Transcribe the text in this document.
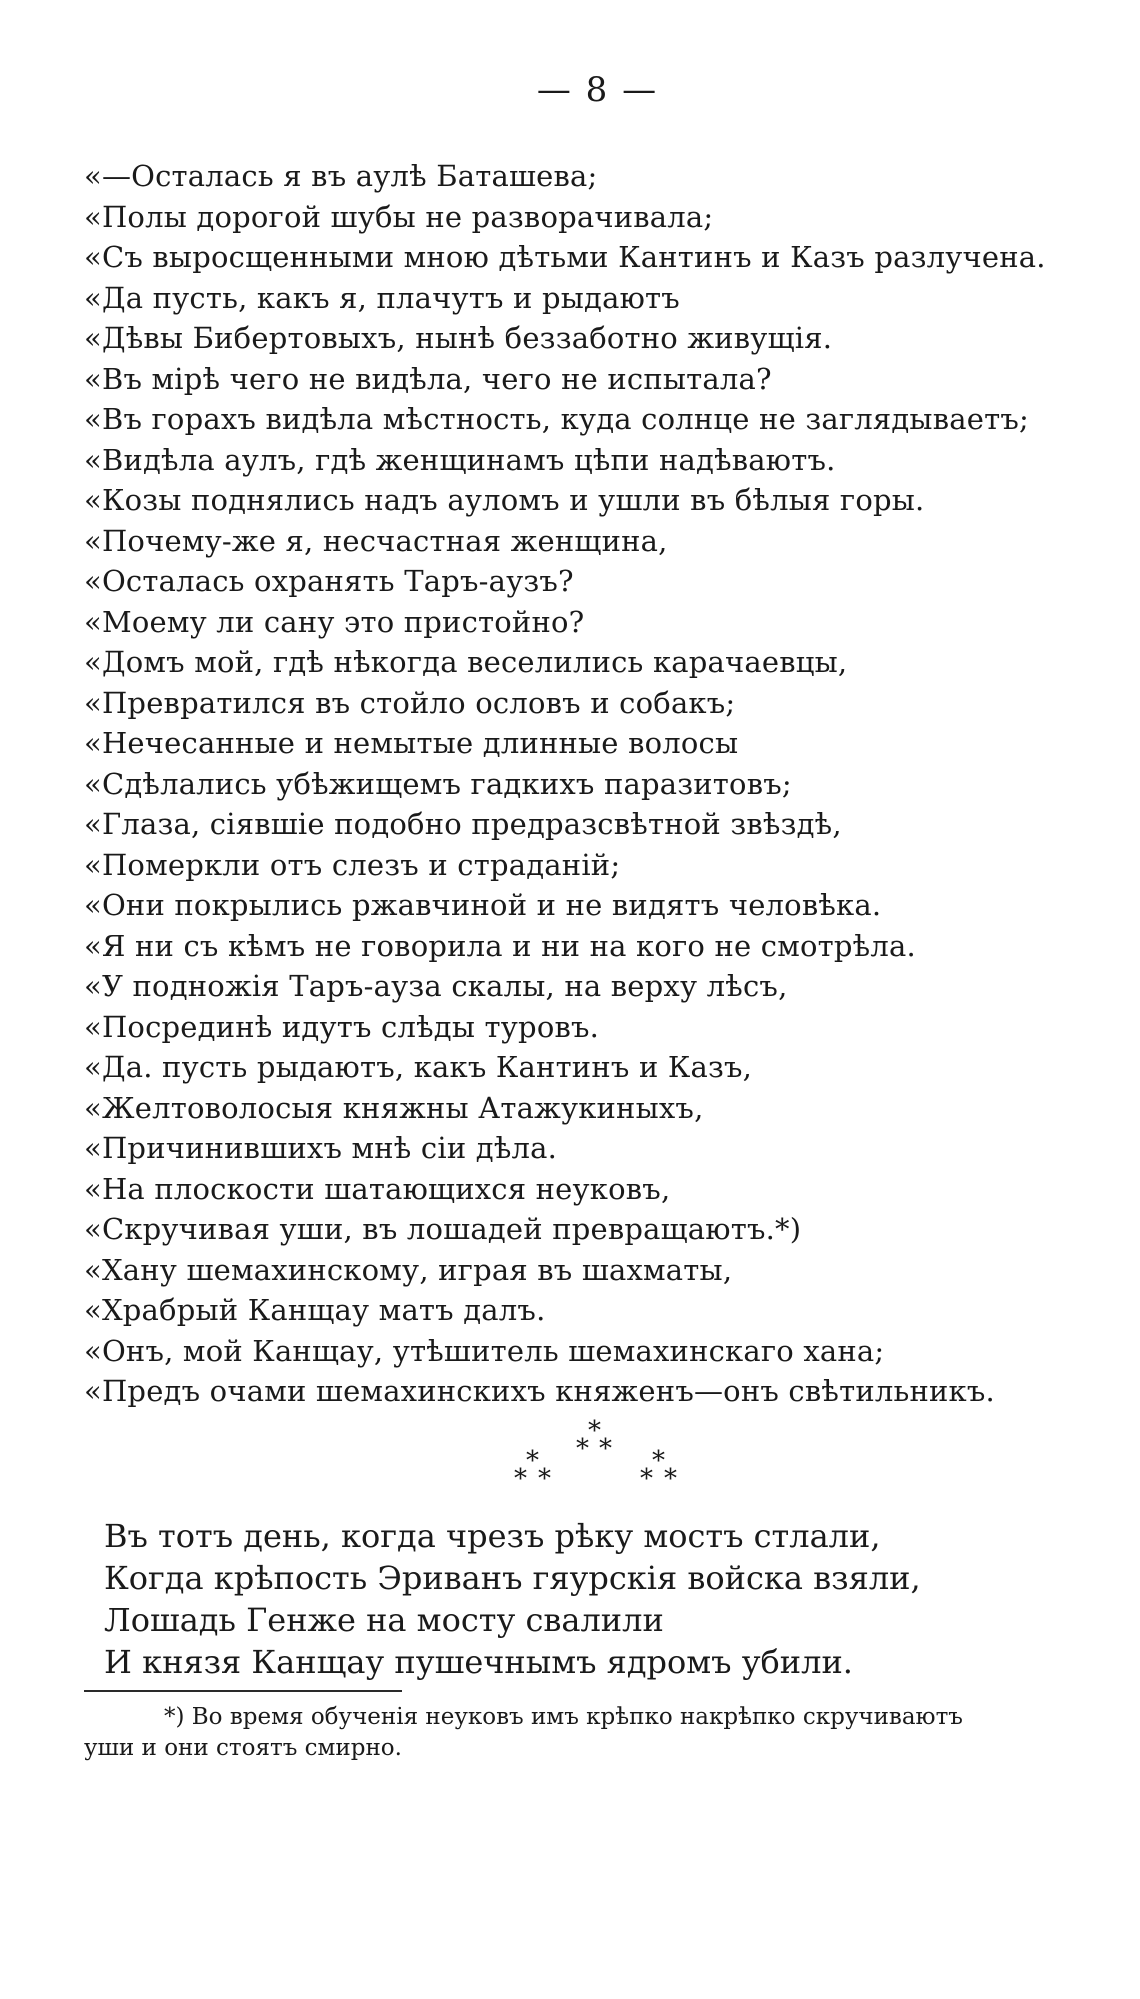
— 8 —
«—Осталась я въ аулѣ Баташева;
«Полы дорогой шубы не разворачивала;
«Съ выросщенными мною дѣтьми Кантинъ и Казъ разлучена.
«Да пусть, какъ я, плачутъ и рыдаютъ
«Дѣвы Бибертовыхъ, нынѣ беззаботно живущія.
«Въ мірѣ чего не видѣла, чего не испытала?
«Въ горахъ видѣла мѣстность, куда солнце не заглядываетъ;
«Видѣла аулъ, гдѣ женщинамъ цѣпи надѣваютъ.
«Козы поднялись надъ ауломъ и ушли въ бѣлыя горы.
«Почему-же я, несчастная женщина,
«Осталась охранять Таръ-аузъ?
«Моему ли сану это пристойно?
«Домъ мой, гдѣ нѣкогда веселились карачаевцы,
«Превратился въ стойло ословъ и собакъ;
«Нечесанные и немытые длинные волосы
«Сдѣлались убѣжищемъ гадкихъ паразитовъ;
«Глаза, сіявшіе подобно предразсвѣтной звѣздѣ,
«Померкли отъ слезъ и страданій;
«Они покрылись ржавчиной и не видятъ человѣка.
«Я ни съ кѣмъ не говорила и ни на кого не смотрѣла.
«У подножія Таръ-ауза скалы, на верху лѣсъ,
«Посрединѣ идутъ слѣды туровъ.
«Да. пусть рыдаютъ, какъ Кантинъ и Казъ,
«Желтоволосыя княжны Атажукиныхъ,
«Причинившихъ мнѣ сіи дѣла.
«На плоскости шатающихся неуковъ,
«Скручивая уши, въ лошадей превращаютъ.*)
«Хану шемахинскому, играя въ шахматы,
«Храбрый Канщау матъ далъ.
«Онъ, мой Канщау, утѣшитель шемахинскаго хана;
«Предъ очами шемахинскихъ княженъ—онъ свѣтильникъ.
*
* *
*
* *
*
* *
Въ тотъ день, когда чрезъ рѣку мостъ стлали,
Когда крѣпость Эриванъ гяурскія войска взяли,
Лошадь Генже на мосту свалили
И князя Канщау пушечнымъ ядромъ убили.
*) Во время обученія неуковъ имъ крѣпко накрѣпко скручиваютъ
уши и они стоятъ смирно.
